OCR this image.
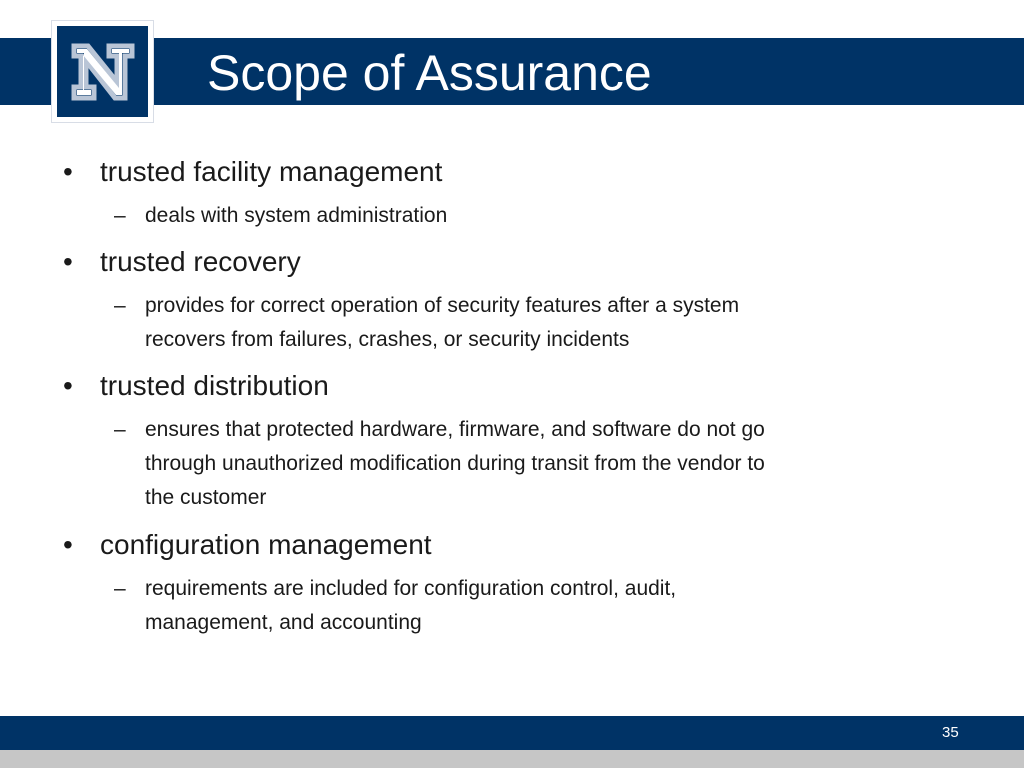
Scope of Assurance
• trusted facility management
– deals with system administration
• trusted recovery
– provides for correct operation of security features after a system
recovers from failures, crashes, or security incidents
• trusted distribution
– ensures that protected hardware, firmware, and software do not go
through unauthorized modification during transit from the vendor to
the customer
• configuration management
– requirements are included for configuration control, audit,
management, and accounting
35
